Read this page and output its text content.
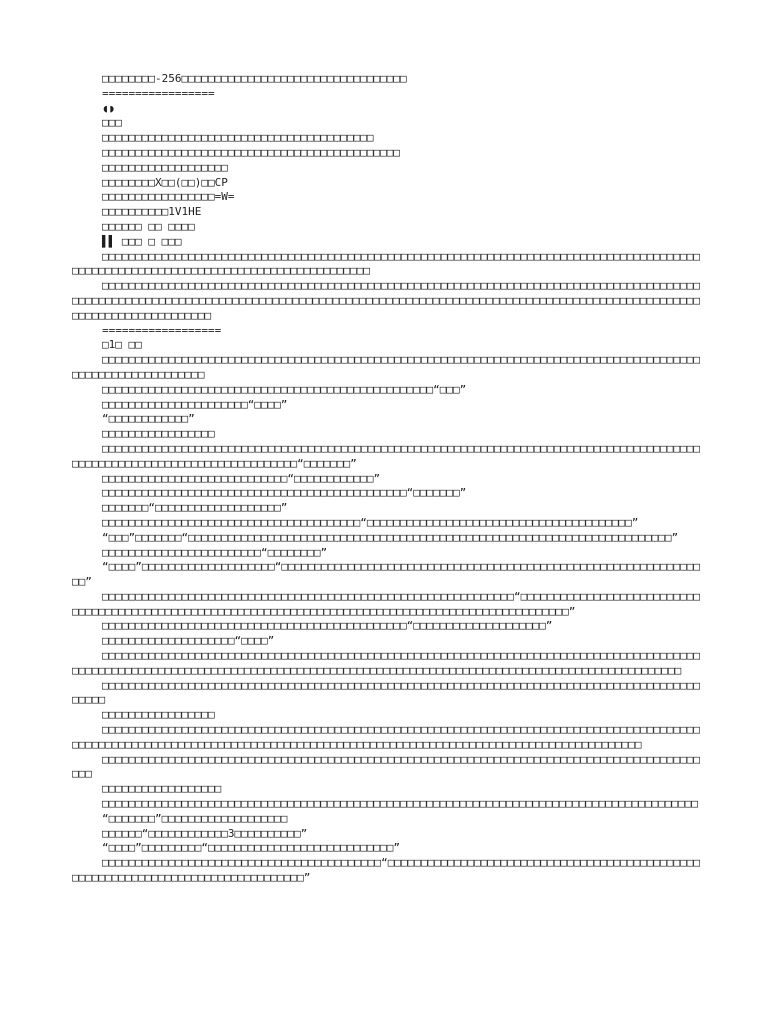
□□□□□□□□-256□□□□□□□□□□□□□□□□□□□□□□□□□□□□□□□□□□
=================
◖◗
□□□
□□□□□□□□□□□□□□□□□□□□□□□□□□□□□□□□□□□□□□□□□
□□□□□□□□□□□□□□□□□□□□□□□□□□□□□□□□□□□□□□□□□□□□□
□□□□□□□□□□□□□□□□□□□
□□□□□□□□X□□(□□)□□CP
□□□□□□□□□□□□□□□□□=W=
□□□□□□□□□□1V1HE
□□□□□□ □□ □□□□
▌▌ □□□ □ □□□
□□□□□□□□□□□□□□□□□□□□□□□□□□□□□□□□□□□□□□□□□□□□□□□□□□□□□□□□□□□□□□□□□□□□□□□□□□□□□□□□□□□□□□□□□□□□□□□□□□□□□□□□□□□□□□□□□□□□□□□□□□□□□□□□□□□□□□□
□□□□□□□□□□□□□□□□□□□□□□□□□□□□□□□□□□□□□□□□□□□□□□□□□□□□□□□□□□□□□□□□□□□□□□□□□□□□□□□□□□□□□□□□□□□□□□□□□□□□□□□□□□□□□□□□□□□□□□□□□□□□□□□□□□□□□□□□□□□□□□□□□□□□□□□□□□□□□□□□□□□□□□□□□□□□□□□□□□□□□□□□□□□□□□□□□□□□□□□□□□□□□
==================
□1□ □□
□□□□□□□□□□□□□□□□□□□□□□□□□□□□□□□□□□□□□□□□□□□□□□□□□□□□□□□□□□□□□□□□□□□□□□□□□□□□□□□□□□□□□□□□□□□□□□□□□□□□□□□□□□□□□□
□□□□□□□□□□□□□□□□□□□□□□□□□□□□□□□□□□□□□□□□□□□□□□□□□□“□□□”
□□□□□□□□□□□□□□□□□□□□□□“□□□□”
“□□□□□□□□□□□□”
□□□□□□□□□□□□□□□□□
□□□□□□□□□□□□□□□□□□□□□□□□□□□□□□□□□□□□□□□□□□□□□□□□□□□□□□□□□□□□□□□□□□□□□□□□□□□□□□□□□□□□□□□□□□□□□□□□□□□□□□□□□□□□□□□□□□□□□□□□□□□□“□□□□□□□”
□□□□□□□□□□□□□□□□□□□□□□□□□□□□“□□□□□□□□□□□□”
□□□□□□□□□□□□□□□□□□□□□□□□□□□□□□□□□□□□□□□□□□□□□□“□□□□□□□”
□□□□□□□“□□□□□□□□□□□□□□□□□□□”
□□□□□□□□□□□□□□□□□□□□□□□□□□□□□□□□□□□□□□□“□□□□□□□□□□□□□□□□□□□□□□□□□□□□□□□□□□□□□□□□”
“□□□”□□□□□□□“□□□□□□□□□□□□□□□□□□□□□□□□□□□□□□□□□□□□□□□□□□□□□□□□□□□□□□□□□□□□□□□□□□□□□□□□□”
□□□□□□□□□□□□□□□□□□□□□□□□“□□□□□□□□”
“□□□□”□□□□□□□□□□□□□□□□□□□□“□□□□□□□□□□□□□□□□□□□□□□□□□□□□□□□□□□□□□□□□□□□□□□□□□□□□□□□□□□□□□□□□□”
□□□□□□□□□□□□□□□□□□□□□□□□□□□□□□□□□□□□□□□□□□□□□□□□□□□□□□□□□□□□□□“□□□□□□□□□□□□□□□□□□□□□□□□□□□□□□□□□□□□□□□□□□□□□□□□□□□□□□□□□□□□□□□□□□□□□□□□□□□□□□□□□□□□□□□□□□□□□□□□□□□□□□”
□□□□□□□□□□□□□□□□□□□□□□□□□□□□□□□□□□□□□□□□□□□□□□“□□□□□□□□□□□□□□□□□□□□”
□□□□□□□□□□□□□□□□□□□□“□□□□”
□□□□□□□□□□□□□□□□□□□□□□□□□□□□□□□□□□□□□□□□□□□□□□□□□□□□□□□□□□□□□□□□□□□□□□□□□□□□□□□□□□□□□□□□□□□□□□□□□□□□□□□□□□□□□□□□□□□□□□□□□□□□□□□□□□□□□□□□□□□□□□□□□□□□□□□□□□□□□□□□□□□□□□□□□□□□□□□□□□□□□□
□□□□□□□□□□□□□□□□□□□□□□□□□□□□□□□□□□□□□□□□□□□□□□□□□□□□□□□□□□□□□□□□□□□□□□□□□□□□□□□□□□□□□□□□□□□□□□□
□□□□□□□□□□□□□□□□□
□□□□□□□□□□□□□□□□□□□□□□□□□□□□□□□□□□□□□□□□□□□□□□□□□□□□□□□□□□□□□□□□□□□□□□□□□□□□□□□□□□□□□□□□□□□□□□□□□□□□□□□□□□□□□□□□□□□□□□□□□□□□□□□□□□□□□□□□□□□□□□□□□□□□□□□□□□□□□□□□□□□□□□□□□□□□□□□□
□□□□□□□□□□□□□□□□□□□□□□□□□□□□□□□□□□□□□□□□□□□□□□□□□□□□□□□□□□□□□□□□□□□□□□□□□□□□□□□□□□□□□□□□□□□□□
□□□□□□□□□□□□□□□□□□
□□□□□□□□□□□□□□□□□□□□□□□□□□□□□□□□□□□□□□□□□□□□□□□□□□□□□□□□□□□□□□□□□□□□□□□□□□□□□□□□□□□□□□□□□□
“□□□□□□□”□□□□□□□□□□□□□□□□□□□
□□□□□□“□□□□□□□□□□□□3□□□□□□□□□□”
“□□□□”□□□□□□□□□“□□□□□□□□□□□□□□□□□□□□□□□□□□□□”
□□□□□□□□□□□□□□□□□□□□□□□□□□□□□□□□□□□□□□□□□□“□□□□□□□□□□□□□□□□□□□□□□□□□□□□□□□□□□□□□□□□□□□□□□□□□□□□□□□□□□□□□□□□□□□□□□□□□□□□□□□□□□”
